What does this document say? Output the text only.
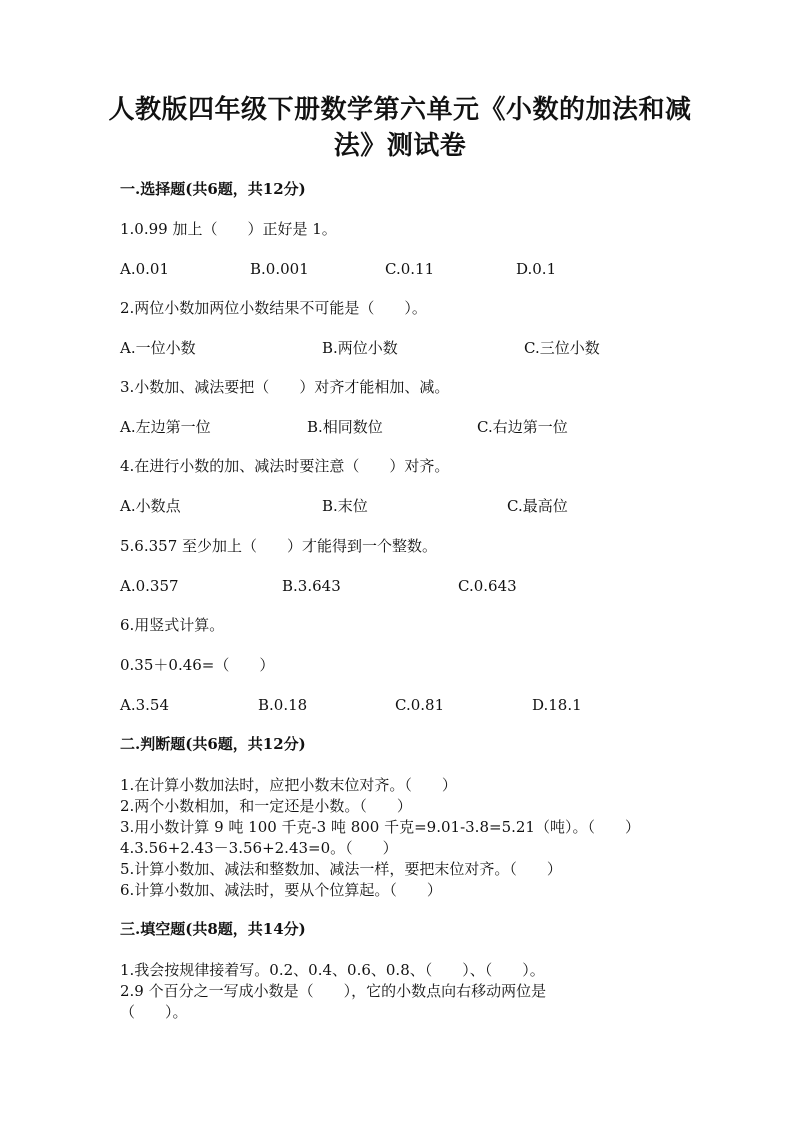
人教版四年级下册数学第六单元《小数的加法和减
法》测试卷
一.选择题(共6题，共12分)
1.0.99 加上（　　）正好是 1。
A.0.01	B.0.001	C.0.11	D.0.1
2.两位小数加两位小数结果不可能是（　　）。
A.一位小数	B.两位小数	C.三位小数
3.小数加、减法要把（　　）对齐才能相加、减。
A.左边第一位	B.相同数位	C.右边第一位
4.在进行小数的加、减法时要注意（　　）对齐。
A.小数点	B.末位	C.最高位
5.6.357 至少加上（　　）才能得到一个整数。
A.0.357	B.3.643	C.0.643
6.用竖式计算。
0.35＋0.46=（　　）
A.3.54	B.0.18	C.0.81	D.18.1
二.判断题(共6题，共12分)
1.在计算小数加法时，应把小数末位对齐。（　　）
2.两个小数相加，和一定还是小数。（　　）
3.用小数计算 9 吨 100 千克-3 吨 800 千克=9.01-3.8=5.21（吨）。（　　）
4.3.56+2.43－3.56+2.43=0。（　　）
5.计算小数加、减法和整数加、减法一样，要把末位对齐。（　　）
6.计算小数加、减法时，要从个位算起。（　　）
三.填空题(共8题，共14分)
1.我会按规律接着写。0.2、0.4、0.6、0.8、（　　）、（　　）。
2.9 个百分之一写成小数是（　　），它的小数点向右移动两位是
（　　）。
